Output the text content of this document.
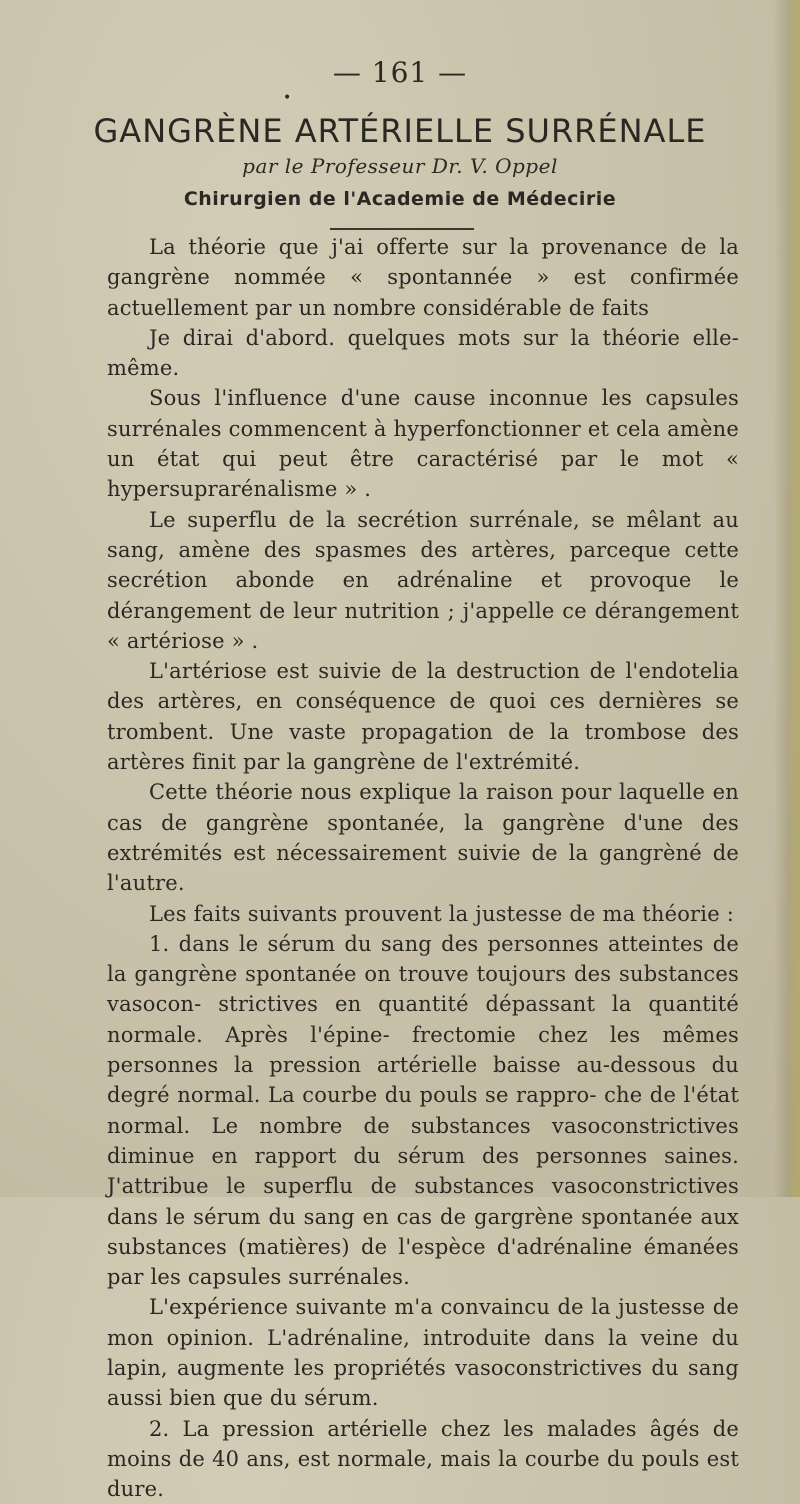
— 161 —
•
GANGRÈNE ARTÉRIELLE SURRÉNALE
par le Professeur Dr. V. Oppel
Chirurgien de l'Academie de Médecirie

La théorie que j'ai offerte sur la provenance de la gangrène nommée « spontannée » est confirmée actuellement par un nombre considérable de faits

Je dirai d'abord. quelques mots sur la théorie elle-même.

Sous l'influence d'une cause inconnue les capsules surrénales commencent à hyperfonctionner et cela amène un état qui peut être caractérisé par le mot « hypersuprarénalisme » .

Le superflu de la secrétion surrénale, se mêlant au sang, amène des spasmes des artères, parceque cette secrétion abonde en adrénaline et provoque le dérangement de leur nutrition ; j'appelle ce dérangement « artériose » .

L'artériose est suivie de la destruction de l'endotelia des artères, en conséquence de quoi ces dernières se trombent. Une vaste propagation de la trombose des artères finit par la gangrène de l'extrémité.

Cette théorie nous explique la raison pour laquelle en cas de gangrène spontanée, la gangrène d'une des extrémités est nécessairement suivie de la gangrèné de l'autre.

Les faits suivants prouvent la justesse de ma théorie :

1. dans le sérum du sang des personnes atteintes de la gangrène spontanée on trouve toujours des substances vasocon- strictives en quantité dépassant la quantité normale. Après l'épine- frectomie chez les mêmes personnes la pression artérielle baisse au-dessous du degré normal. La courbe du pouls se rappro- che de l'état normal. Le nombre de substances vasoconstrictives diminue en rapport du sérum des personnes saines. J'attribue le superflu de substances vasoconstrictives dans le sérum du sang en cas de gargrène spontanée aux substances (matières) de l'espèce d'adrénaline émanées par les capsules surrénales.

L'expérience suivante m'a convaincu de la justesse de mon opinion. L'adrénaline, introduite dans la veine du lapin, augmente les propriétés vasoconstrictives du sang aussi bien que du sérum.

2. La pression artérielle chez les malades âgés de moins de 40 ans, est normale, mais la courbe du pouls est dure.
